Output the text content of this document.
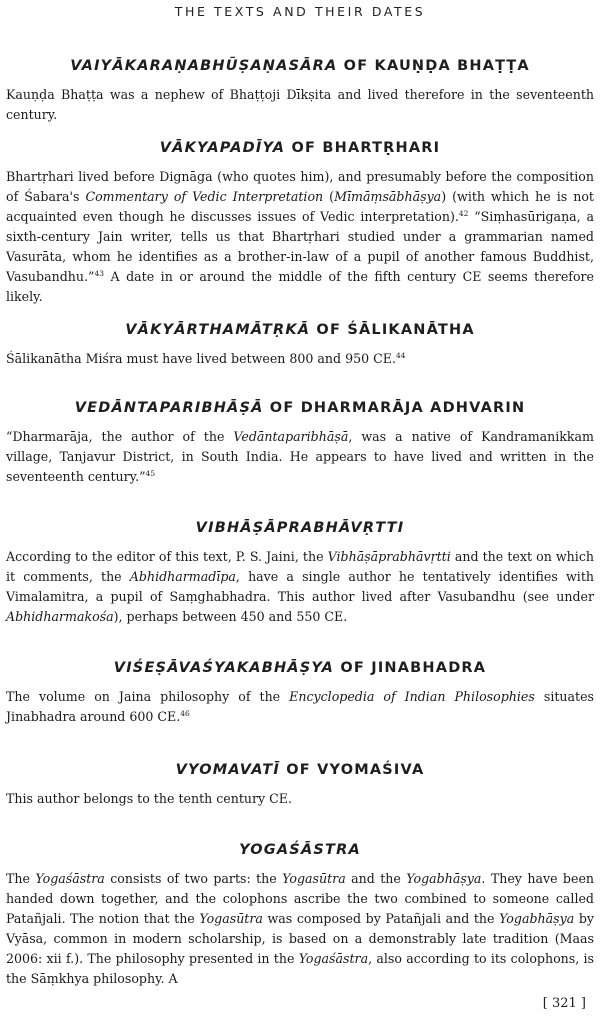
THE TEXTS AND THEIR DATES
VAIYĀKARAṆABHŪṢAṆASĀRA OF KAUṆḌA BHAṬṬA

Kauṇḍa Bhaṭṭa was a nephew of Bhaṭṭoji Dīkṣita and lived therefore in the seventeenth century.

VĀKYAPADĪYA OF BHARTṚHARI

Bhartṛhari lived before Dignāga (who quotes him), and presumably before the composition of Śabara's Commentary of Vedic Interpretation (Mīmāṃsābhāṣya) (with which he is not acquainted even though he discusses issues of Vedic interpretation).$^{42}$ “Siṃhasūrigaṇa, a sixth-century Jain writer, tells us that Bhartṛhari studied under a grammarian named Vasurāta, whom he identifies as a brother-in-law of a pupil of another famous Buddhist, Vasubandhu.”$^{43}$ A date in or around the middle of the fifth century CE seems therefore likely.

VĀKYĀRTHAMĀTṚKĀ OF ŚĀLIKANĀTHA

Śālikanātha Miśra must have lived between 800 and 950 CE.$^{44}$

VEDĀNTAPARIBHĀṢĀ OF DHARMARĀJA ADHVARIN

“Dharmarāja, the author of the Vedāntaparibhāṣā, was a native of Kandramanikkam village, Tanjavur District, in South India. He appears to have lived and written in the seventeenth century.”$^{45}$

VIBHĀṢĀPRABHĀVṚTTI

According to the editor of this text, P. S. Jaini, the Vibhāṣāprabhāvṛtti and the text on which it comments, the Abhidharmadīpa, have a single author he tentatively identifies with Vimalamitra, a pupil of Saṃghabhadra. This author lived after Vasubandhu (see under Abhidharmakośa), perhaps between 450 and 550 CE.

VIŚEṢĀVAŚYAKABHĀṢYA OF JINABHADRA

The volume on Jaina philosophy of the Encyclopedia of Indian Philosophies situates Jinabhadra around 600 CE.$^{46}$

VYOMAVATĪ OF VYOMAŚIVA

This author belongs to the tenth century CE.

YOGAŚĀSTRA

The Yogaśāstra consists of two parts: the Yogasūtra and the Yogabhāṣya. They have been handed down together, and the colophons ascribe the two combined to someone called Patañjali. The notion that the Yogasūtra was composed by Patañjali and the Yogabhāṣya by Vyāsa, common in modern scholarship, is based on a demonstrably late tradition (Maas 2006: xii f.). The philosophy presented in the Yogaśāstra, also according to its colophons, is the Sāṃkhya philosophy. A

[ 321 ]
